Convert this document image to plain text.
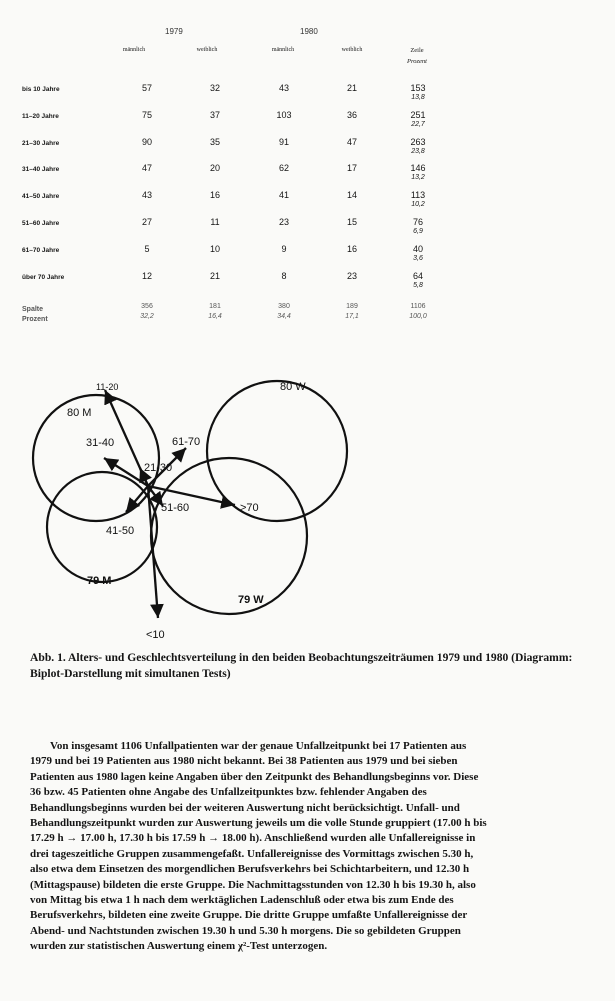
1979	1980
männlich	weiblich	männlich	weiblich	Zeile
Prozent
bis 10 Jahre	57	32	43	21	153
13,8
11–20 Jahre	75	37	103	36	251
22,7
21–30 Jahre	90	35	91	47	263
23,8
31–40 Jahre	47	20	62	17	146
13,2
41–50 Jahre	43	16	41	14	113
10,2
51–60 Jahre	27	11	23	15	76
6,9
61–70 Jahre	5	10	9	16	40
3,6
über 70 Jahre	12	21	8	23	64
5,8
Spalte	356	181	380	189	1106
Prozent	32,2	16,4	34,4	17,1	100,0
80 M
80 W
79 M
79 W
11-20
31-40	61-70
21-30
41-50
51-60	>70
<10
Abb. 1. Alters- und Geschlechtsverteilung in den beiden Beobachtungszeiträumen 1979 und 1980 (Diagramm: Biplot-Darstellung mit simultanen Tests)
Von insgesamt 1106 Unfallpatienten war der genaue Unfallzeitpunkt bei 17 Patienten aus
1979 und bei 19 Patienten aus 1980 nicht bekannt. Bei 38 Patienten aus 1979 und bei sieben
Patienten aus 1980 lagen keine Angaben über den Zeitpunkt des Behandlungsbeginns vor. Diese
36 bzw. 45 Patienten ohne Angabe des Unfallzeitpunktes bzw. fehlender Angaben des
Behandlungsbeginns wurden bei der weiteren Auswertung nicht berücksichtigt. Unfall- und
Behandlungszeitpunkt wurden zur Auswertung jeweils um die volle Stunde gruppiert (17.00 h bis
17.29 h → 17.00 h, 17.30 h bis 17.59 h → 18.00 h). Anschließend wurden alle Unfallereignisse in
drei tageszeitliche Gruppen zusammengefaßt. Unfallereignisse des Vormittags zwischen 5.30 h,
also etwa dem Einsetzen des morgendlichen Berufsverkehrs bei Schichtarbeitern, und 12.30 h
(Mittagspause) bildeten die erste Gruppe. Die Nachmittagsstunden von 12.30 h bis 19.30 h, also
von Mittag bis etwa 1 h nach dem werktäglichen Ladenschluß oder etwa bis zum Ende des
Berufsverkehrs, bildeten eine zweite Gruppe. Die dritte Gruppe umfaßte Unfallereignisse der
Abend- und Nachtstunden zwischen 19.30 h und 5.30 h morgens. Die so gebildeten Gruppen
wurden zur statistischen Auswertung einem χ²-Test unterzogen.
